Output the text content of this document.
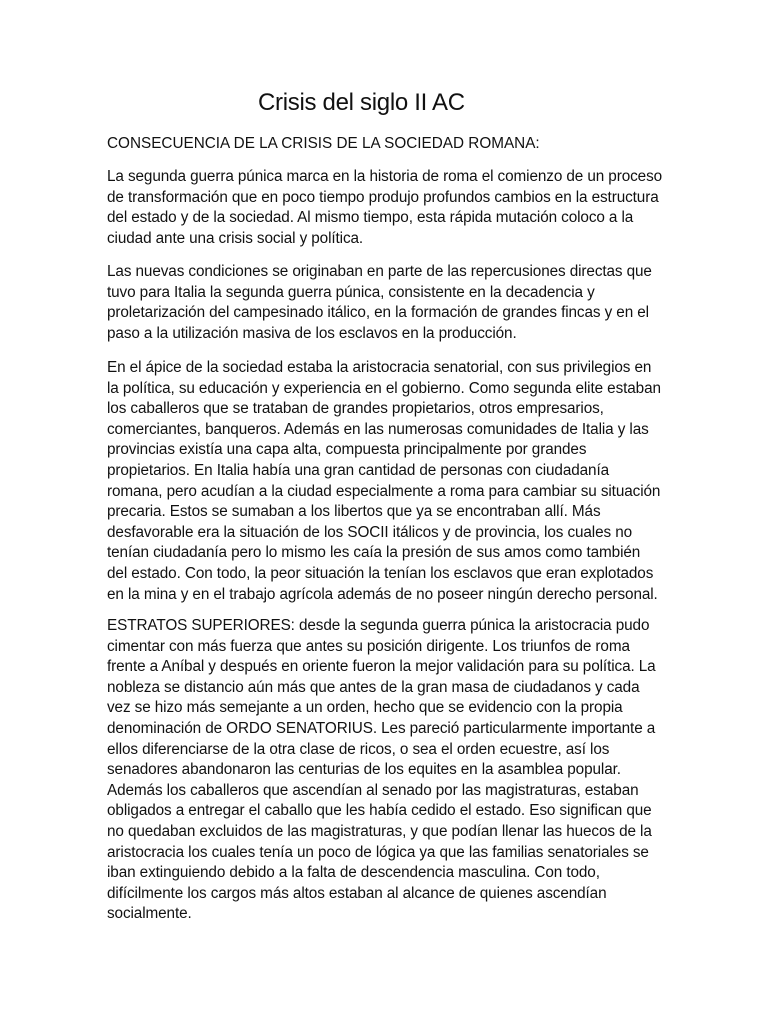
Crisis del siglo II AC

CONSECUENCIA DE LA CRISIS DE LA SOCIEDAD ROMANA:

La segunda guerra púnica marca en la historia de roma el comienzo de un proceso
de transformación que en poco tiempo produjo profundos cambios en la estructura
del estado y de la sociedad. Al mismo tiempo, esta rápida mutación coloco a la
ciudad ante una crisis social y política.
Las nuevas condiciones se originaban en parte de las repercusiones directas que
tuvo para Italia la segunda guerra púnica, consistente en la decadencia y
proletarización del campesinado itálico, en la formación de grandes fincas y en el
paso a la utilización masiva de los esclavos en la producción.
En el ápice de la sociedad estaba la aristocracia senatorial, con sus privilegios en
la política, su educación y experiencia en el gobierno. Como segunda elite estaban
los caballeros que se trataban de grandes propietarios, otros empresarios,
comerciantes, banqueros. Además en las numerosas comunidades de Italia y las
provincias existía una capa alta, compuesta principalmente por grandes
propietarios. En Italia había una gran cantidad de personas con ciudadanía
romana, pero acudían a la ciudad especialmente a roma para cambiar su situación
precaria. Estos se sumaban a los libertos que ya se encontraban allí. Más
desfavorable era la situación de los SOCII itálicos y de provincia, los cuales no
tenían ciudadanía pero lo mismo les caía la presión de sus amos como también
del estado. Con todo, la peor situación la tenían los esclavos que eran explotados
en la mina y en el trabajo agrícola además de no poseer ningún derecho personal.
ESTRATOS SUPERIORES: desde la segunda guerra púnica la aristocracia pudo
cimentar con más fuerza que antes su posición dirigente. Los triunfos de roma
frente a Aníbal y después en oriente fueron la mejor validación para su política. La
nobleza se distancio aún más que antes de la gran masa de ciudadanos y cada
vez se hizo más semejante a un orden, hecho que se evidencio con la propia
denominación de ORDO SENATORIUS. Les pareció particularmente importante a
ellos diferenciarse de la otra clase de ricos, o sea el orden ecuestre, así los
senadores abandonaron las centurias de los equites en la asamblea popular.
Además los caballeros que ascendían al senado por las magistraturas, estaban
obligados a entregar el caballo que les había cedido el estado. Eso significan que
no quedaban excluidos de las magistraturas, y que podían llenar las huecos de la
aristocracia los cuales tenía un poco de lógica ya que las familias senatoriales se
iban extinguiendo debido a la falta de descendencia masculina. Con todo,
difícilmente los cargos más altos estaban al alcance de quienes ascendían
socialmente.
